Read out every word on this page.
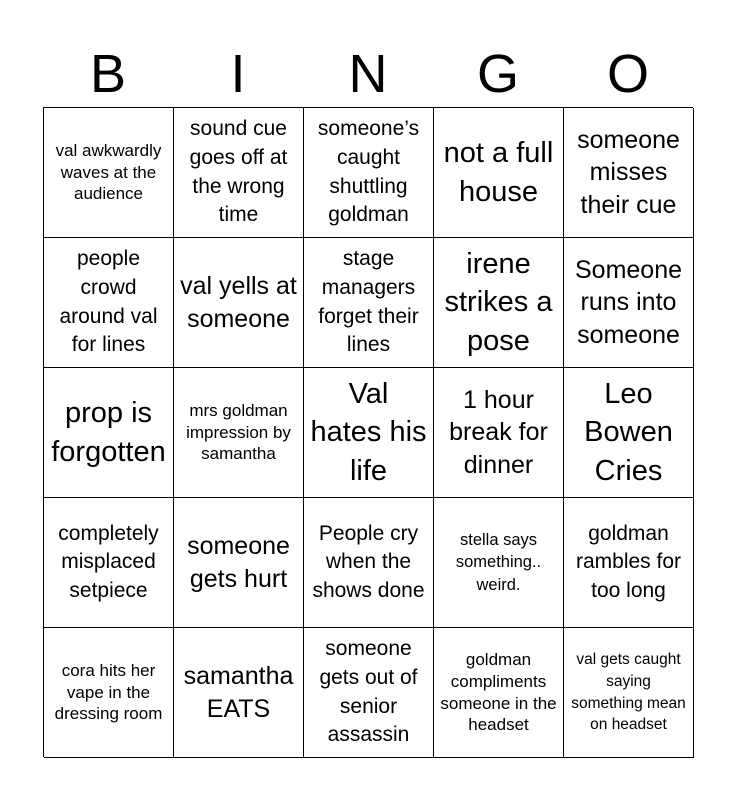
B	I	N	G	O
val awkwardly waves at the audience
sound cue goes off at the wrong time
someone’s caught shuttling goldman
not a full house
someone misses their cue
people crowd around val for lines
val yells at someone
stage managers forget their lines
irene strikes a pose
Someone runs into someone
prop is forgotten
mrs goldman impression by samantha
Val hates his life
1 hour break for dinner
Leo Bowen Cries
completely misplaced setpiece
someone gets hurt
People cry when the shows done
stella says something.. weird.
goldman rambles for too long
cora hits her vape in the dressing room
samantha EATS
someone gets out of senior assassin
goldman compliments someone in the headset
val gets caught saying something mean on headset
